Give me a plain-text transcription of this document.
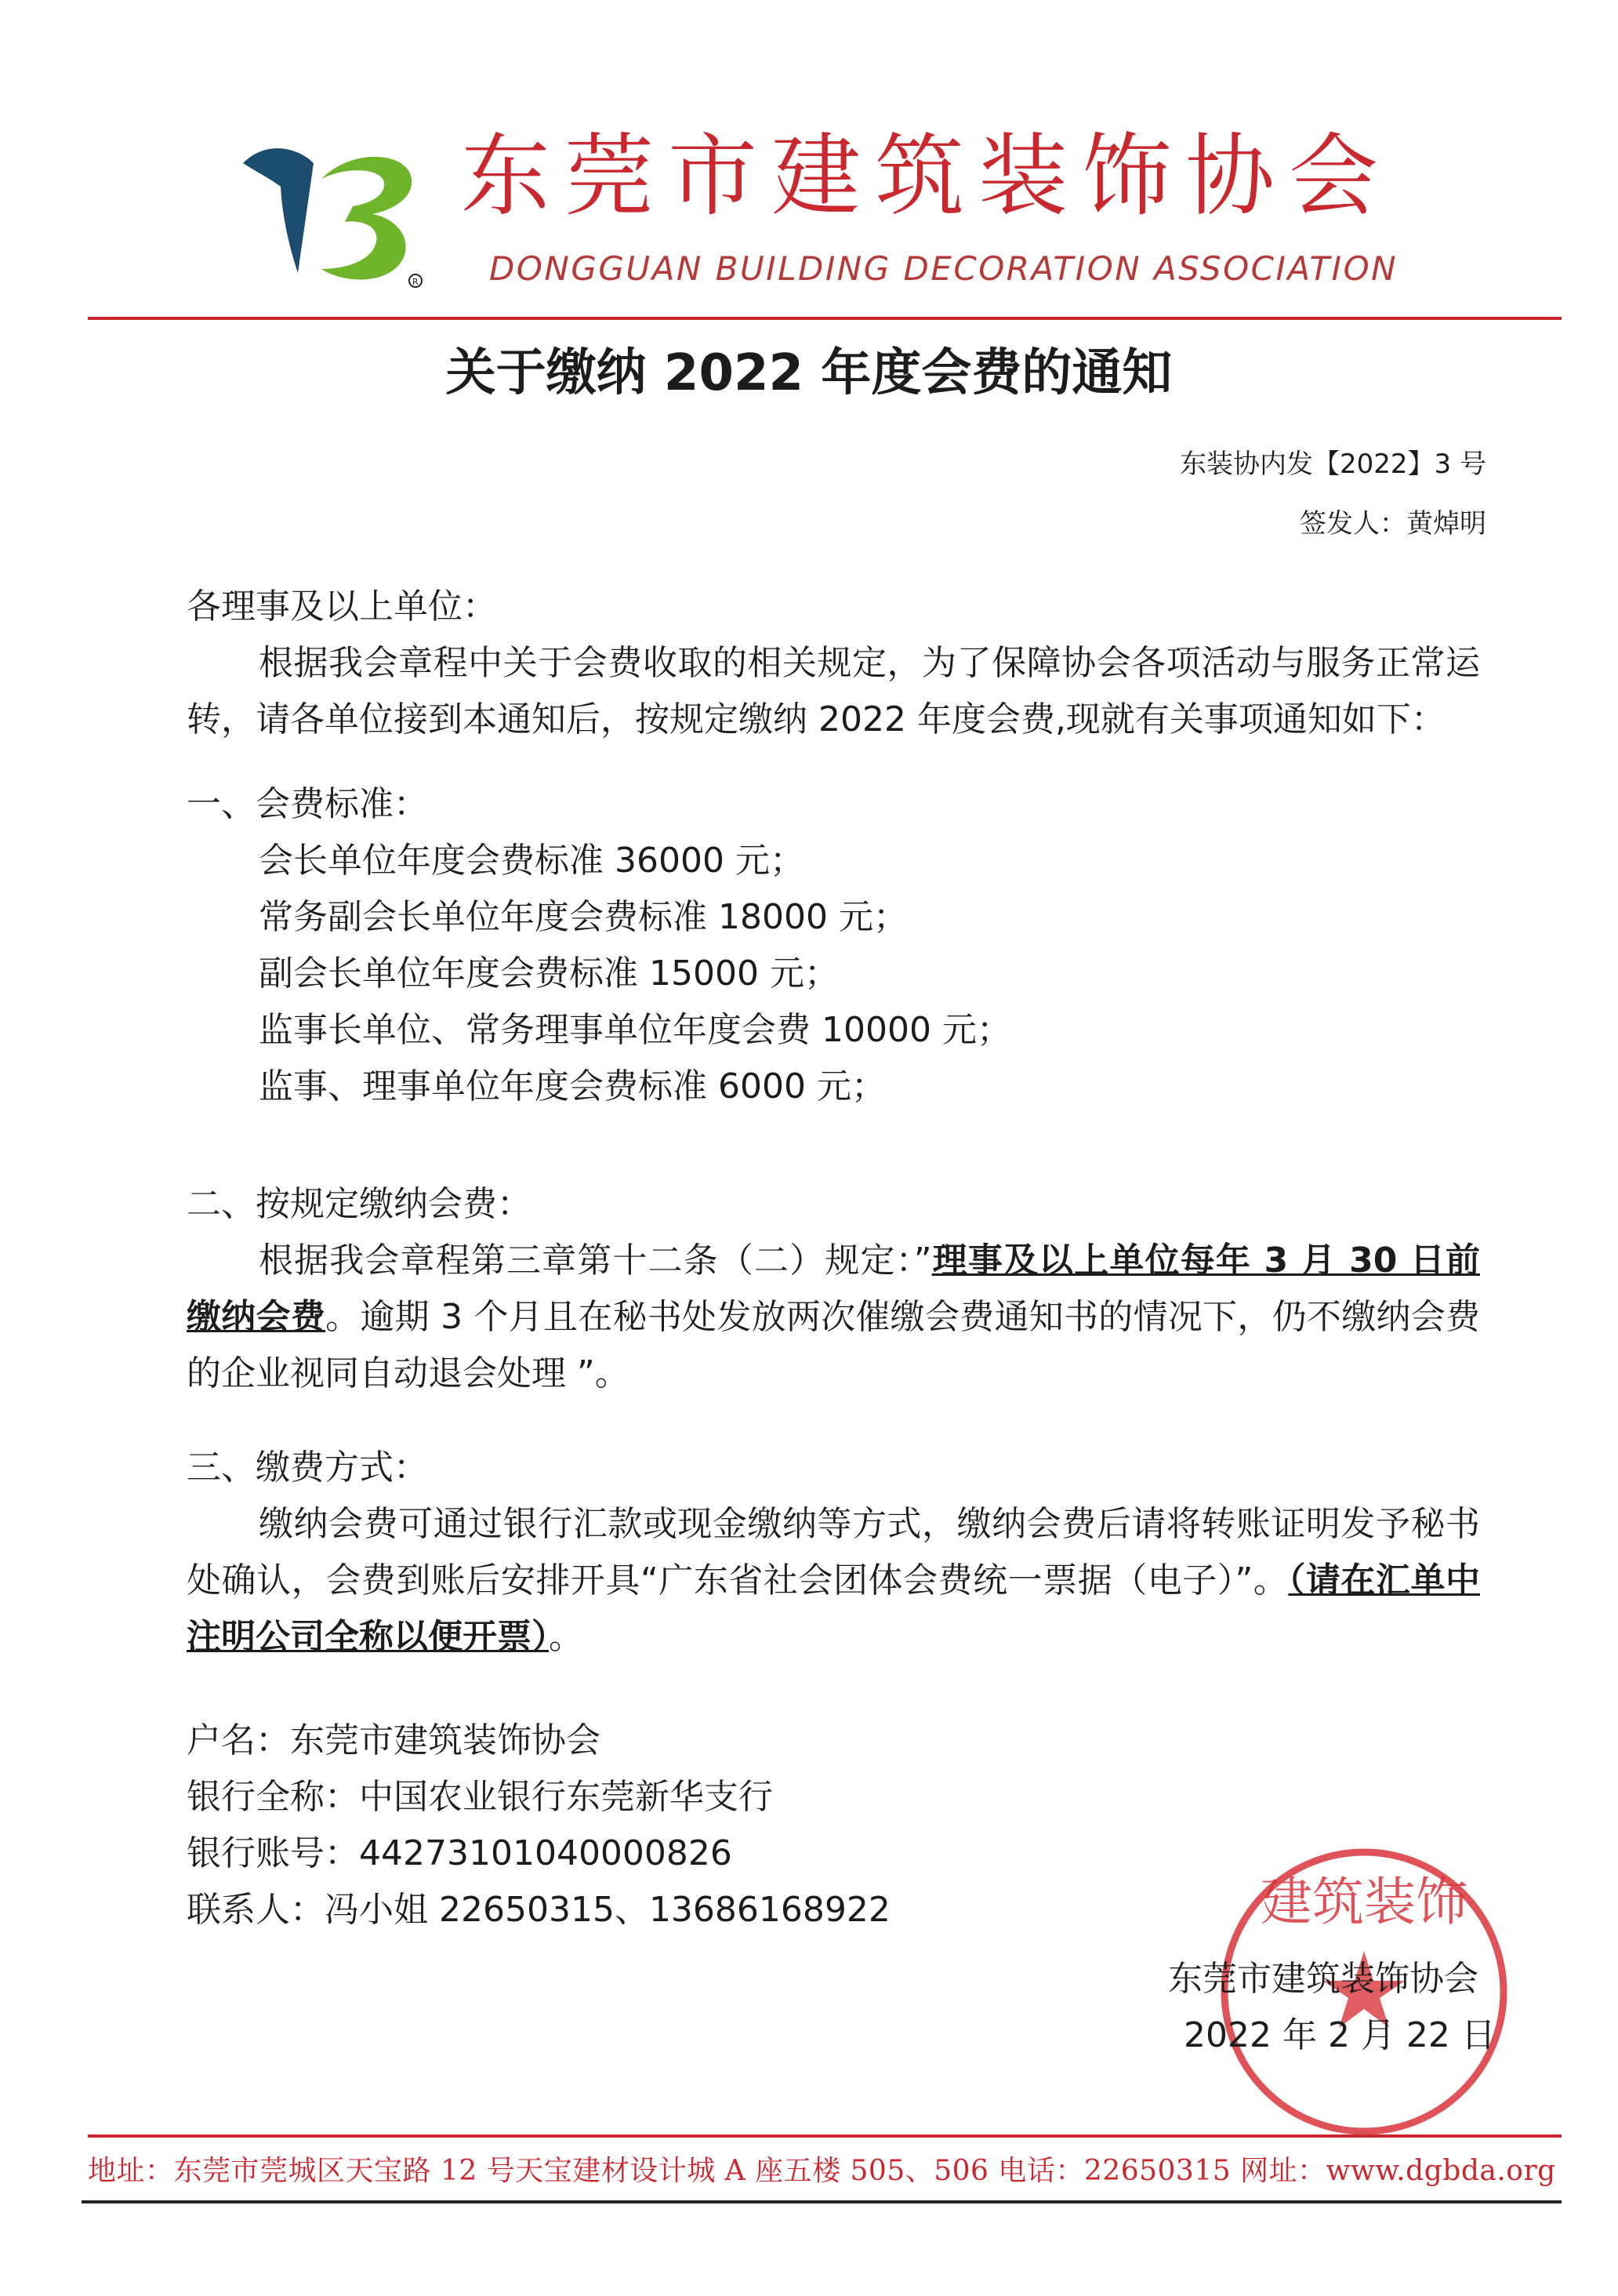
R
东莞市建筑装饰协会
DONGGUAN BUILDING DECORATION ASSOCIATION
关于缴纳 2022 年度会费的通知
东装协内发【2022】3 号
签发人：黄焯明
各理事及以上单位：
根据我会章程中关于会费收取的相关规定，为了保障协会各项活动与服务正常运转，请各单位接到本通知后，按规定缴纳 2022 年度会费,现就有关事项通知如下：
一、会费标准：
会长单位年度会费标准 36000 元；
常务副会长单位年度会费标准 18000 元；
副会长单位年度会费标准 15000 元；
监事长单位、常务理事单位年度会费 10000 元；
监事、理事单位年度会费标准 6000 元；
二、按规定缴纳会费：
根据我会章程第三章第十二条（二）规定：”理事及以上单位每年 3 月 30 日前缴纳会费。逾期 3 个月且在秘书处发放两次催缴会费通知书的情况下，仍不缴纳会费的企业视同自动退会处理 ”。
三、缴费方式：
缴纳会费可通过银行汇款或现金缴纳等方式，缴纳会费后请将转账证明发予秘书处确认，会费到账后安排开具“广东省社会团体会费统一票据（电子）”。（请在汇单中注明公司全称以便开票）。
户名：东莞市建筑装饰协会
银行全称：中国农业银行东莞新华支行
银行账号：44273101040000826
联系人：冯小姐 22650315、13686168922	建筑装饰
东莞市建筑装饰协会
2022 年 2 月 22 日
地址：东莞市莞城区天宝路 12 号天宝建材设计城 A 座五楼 505、506 电话：22650315 网址：www.dgbda.org
